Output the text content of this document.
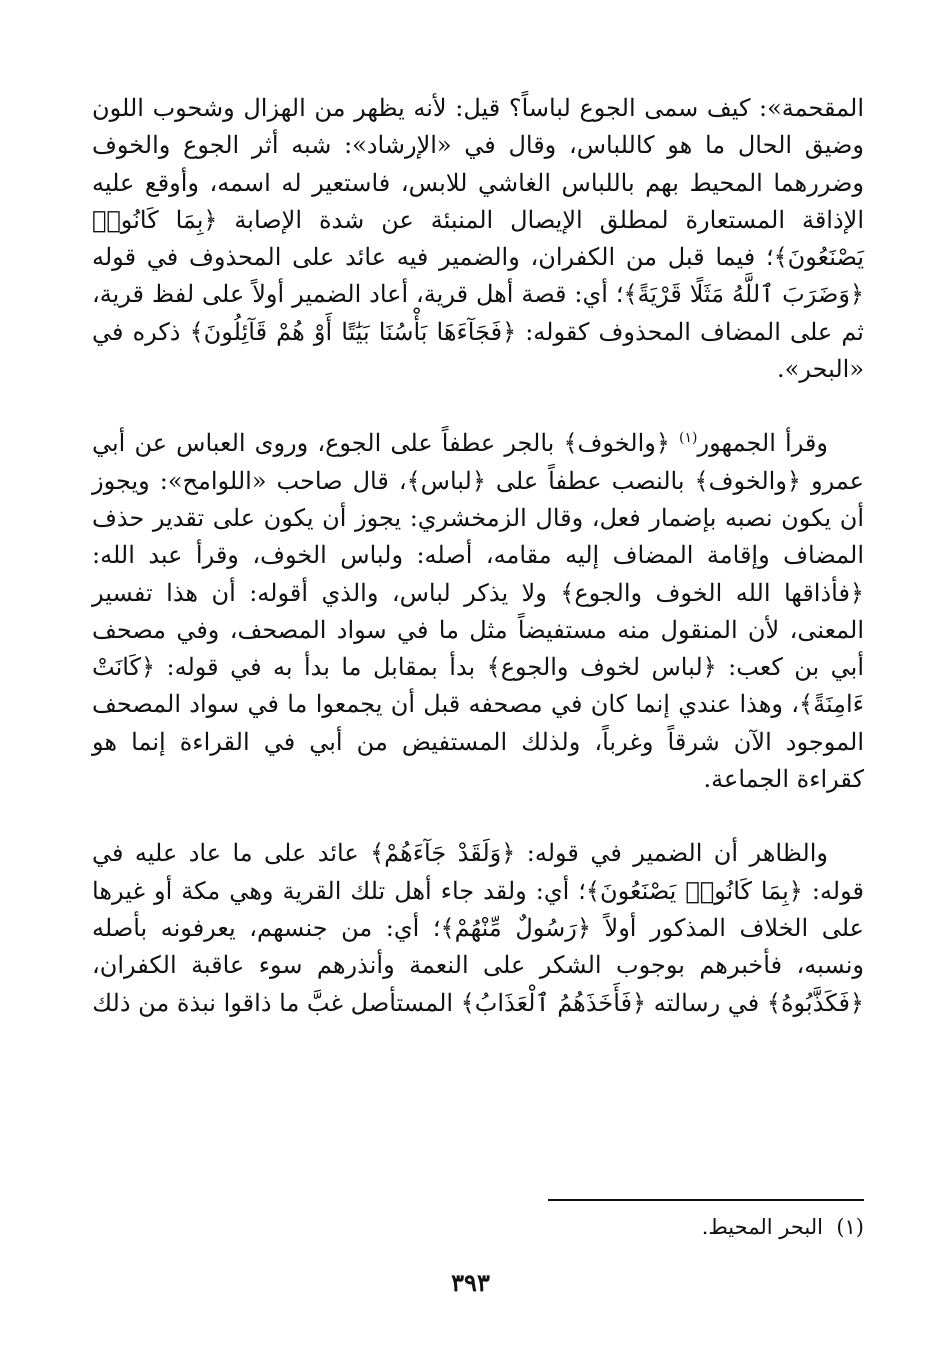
المقحمة»: كيف سمى الجوع لباساً؟ قيل: لأنه يظهر من الهزال وشحوب اللون وضيق الحال ما هو كاللباس، وقال في «الإرشاد»: شبه أثر الجوع والخوف وضررهما المحيط بهم باللباس الغاشي للابس، فاستعير له اسمه، وأوقع عليه الإذاقة المستعارة لمطلق الإيصال المنبئة عن شدة الإصابة ﴿بِمَا كَانُوا۟ يَصْنَعُونَ﴾؛ فيما قبل من الكفران، والضمير فيه عائد على المحذوف في قوله ﴿وَضَرَبَ ٱللَّهُ مَثَلًا قَرْيَةً﴾؛ أي: قصة أهل قرية، أعاد الضمير أولاً على لفظ قرية، ثم على المضاف المحذوف كقوله: ﴿فَجَآءَهَا بَأْسُنَا بَيَٰتًا أَوْ هُمْ قَآئِلُونَ﴾ ذكره في «البحر».

وقرأ الجمهور$^{(١)}$ ﴿والخوف﴾ بالجر عطفاً على الجوع، وروى العباس عن أبي عمرو ﴿والخوف﴾ بالنصب عطفاً على ﴿لباس﴾، قال صاحب «اللوامح»: ويجوز أن يكون نصبه بإضمار فعل، وقال الزمخشري: يجوز أن يكون على تقدير حذف المضاف وإقامة المضاف إليه مقامه، أصله: ولباس الخوف، وقرأ عبد الله: ﴿فأذاقها الله الخوف والجوع﴾ ولا يذكر لباس، والذي أقوله: أن هذا تفسير المعنى، لأن المنقول منه مستفيضاً مثل ما في سواد المصحف، وفي مصحف أبي بن كعب: ﴿لباس لخوف والجوع﴾ بدأ بمقابل ما بدأ به في قوله: ﴿كَانَتْ ءَامِنَةً﴾، وهذا عندي إنما كان في مصحفه قبل أن يجمعوا ما في سواد المصحف الموجود الآن شرقاً وغرباً، ولذلك المستفيض من أبي في القراءة إنما هو كقراءة الجماعة.

والظاهر أن الضمير في قوله: ﴿وَلَقَدْ جَآءَهُمْ﴾ عائد على ما عاد عليه في قوله: ﴿بِمَا كَانُوا۟ يَصْنَعُونَ﴾؛ أي: ولقد جاء أهل تلك القرية وهي مكة أو غيرها على الخلاف المذكور أولاً ﴿رَسُولٌ مِّنْهُمْ﴾؛ أي: من جنسهم، يعرفونه بأصله ونسبه، فأخبرهم بوجوب الشكر على النعمة وأنذرهم سوء عاقبة الكفران، ﴿فَكَذَّبُوهُ﴾ في رسالته ﴿فَأَخَذَهُمُ ٱلْعَذَابُ﴾ المستأصل غبَّ ما ذاقوا نبذة من ذلك

(١)  البحر المحيط.
٣٩٣
